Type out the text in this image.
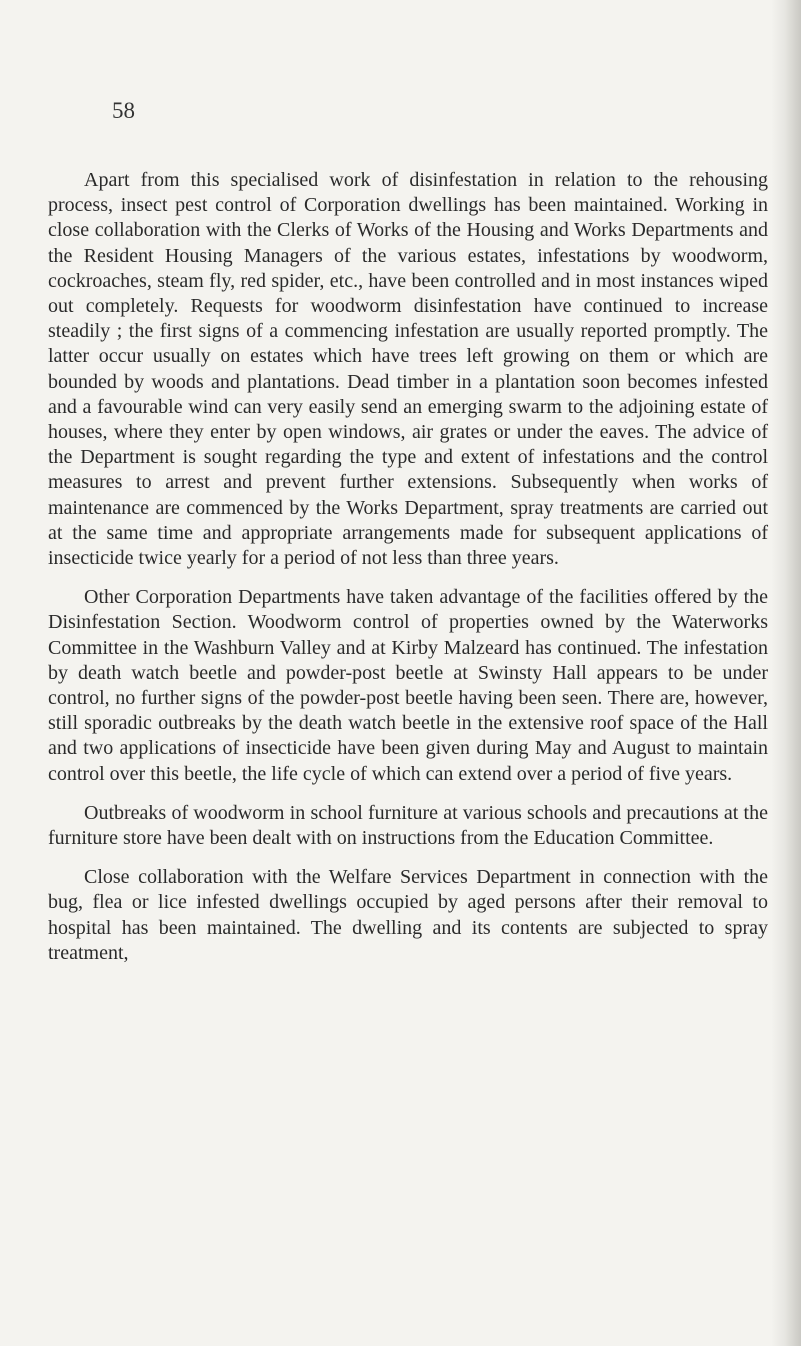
58

Apart from this specialised work of disinfestation in relation to the rehousing process, insect pest control of Corporation dwellings has been maintained. Working in close collaboration with the Clerks of Works of the Housing and Works Departments and the Resident Housing Managers of the various estates, infestations by woodworm, cockroaches, steam fly, red spider, etc., have been controlled and in most instances wiped out completely. Requests for woodworm disinfestation have continued to increase steadily ; the first signs of a commencing infestation are usually reported promptly. The latter occur usually on estates which have trees left growing on them or which are bounded by woods and plantations. Dead timber in a plantation soon becomes infested and a favourable wind can very easily send an emerging swarm to the adjoining estate of houses, where they enter by open windows, air grates or under the eaves. The advice of the Department is sought regarding the type and extent of infestations and the control measures to arrest and prevent further extensions. Subsequently when works of maintenance are commenced by the Works Department, spray treatments are carried out at the same time and appropriate arrangements made for subsequent applications of insecticide twice yearly for a period of not less than three years.

Other Corporation Departments have taken advantage of the facilities offered by the Disinfestation Section. Woodworm control of properties owned by the Waterworks Committee in the Washburn Valley and at Kirby Malzeard has continued. The infestation by death watch beetle and powder-post beetle at Swinsty Hall appears to be under control, no further signs of the powder-post beetle having been seen. There are, however, still sporadic outbreaks by the death watch beetle in the extensive roof space of the Hall and two applications of insecticide have been given during May and August to maintain control over this beetle, the life cycle of which can extend over a period of five years.

Outbreaks of woodworm in school furniture at various schools and precautions at the furniture store have been dealt with on instructions from the Education Committee.

Close collaboration with the Welfare Services Department in connection with the bug, flea or lice infested dwellings occupied by aged persons after their removal to hospital has been maintained. The dwelling and its contents are subjected to spray treatment,
